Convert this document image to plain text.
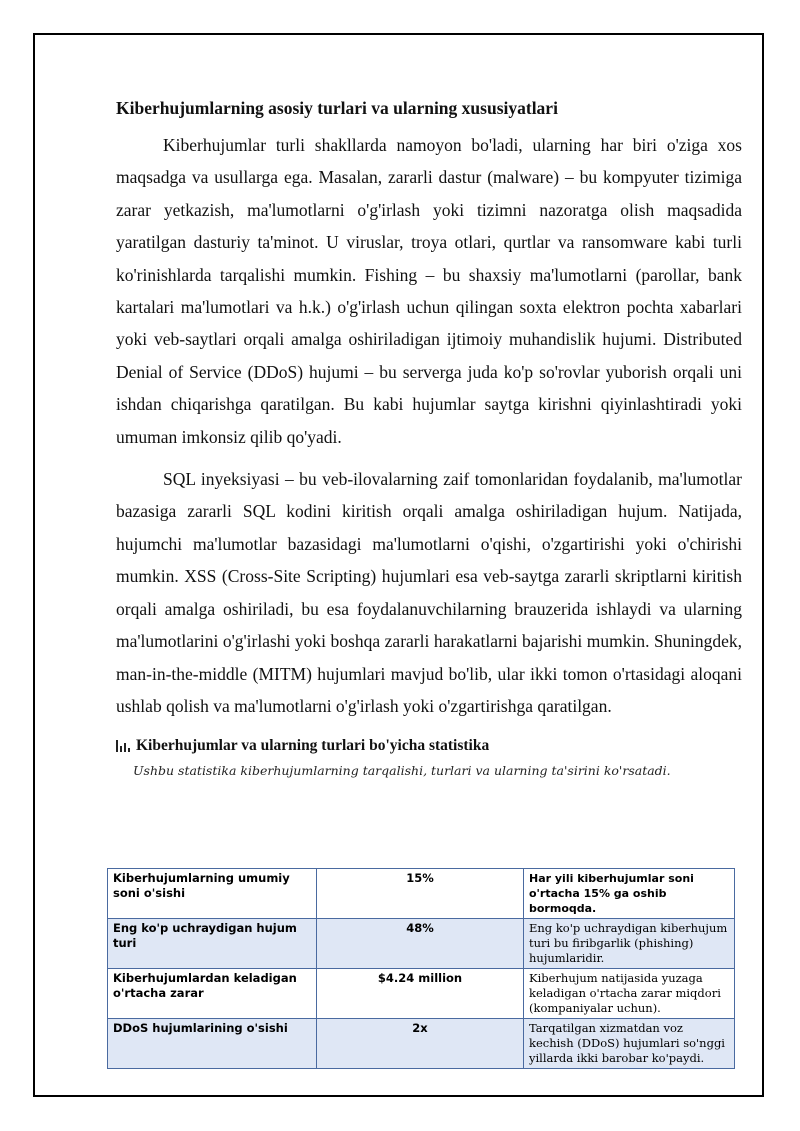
Kiberhujumlarning asosiy turlari va ularning xususiyatlari

Kiberhujumlar turli shakllarda namoyon bo'ladi, ularning har biri o'ziga xos maqsadga va usullarga ega. Masalan, zararli dastur (malware) – bu kompyuter tizimiga zarar yetkazish, ma'lumotlarni o'g'irlash yoki tizimni nazoratga olish maqsadida yaratilgan dasturiy ta'minot. U viruslar, troya otlari, qurtlar va ransomware kabi turli ko'rinishlarda tarqalishi mumkin. Fishing – bu shaxsiy ma'lumotlarni (parollar, bank kartalari ma'lumotlari va h.k.) o'g'irlash uchun qilingan soxta elektron pochta xabarlari yoki veb-saytlari orqali amalga oshiriladigan ijtimoiy muhandislik hujumi. Distributed Denial of Service (DDoS) hujumi – bu serverga juda ko'p so'rovlar yuborish orqali uni ishdan chiqarishga qaratilgan. Bu kabi hujumlar saytga kirishni qiyinlashtiradi yoki umuman imkonsiz qilib qo'yadi.

SQL inyeksiyasi – bu veb-ilovalarning zaif tomonlaridan foydalanib, ma'lumotlar bazasiga zararli SQL kodini kiritish orqali amalga oshiriladigan hujum. Natijada, hujumchi ma'lumotlar bazasidagi ma'lumotlarni o'qishi, o'zgartirishi yoki o'chirishi mumkin. XSS (Cross-Site Scripting) hujumlari esa veb-saytga zararli skriptlarni kiritish orqali amalga oshiriladi, bu esa foydalanuvchilarning brauzerida ishlaydi va ularning ma'lumotlarini o'g'irlashi yoki boshqa zararli harakatlarni bajarishi mumkin. Shuningdek, man-in-the-middle (MITM) hujumlari mavjud bo'lib, ular ikki tomon o'rtasidagi aloqani ushlab qolish va ma'lumotlarni o'g'irlash yoki o'zgartirishga qaratilgan.

Kiberhujumlar va ularning turlari bo'yicha statistika
Ushbu statistika kiberhujumlarning tarqalishi, turlari va ularning ta'sirini ko'rsatadi.
Kiberhujumlarning umumiy soni o'sishi	15%	Har yili kiberhujumlar soni o'rtacha 15% ga oshib bormoqda.
Eng ko'p uchraydigan hujum turi	48%	Eng ko'p uchraydigan kiberhujum turi bu firibgarlik (phishing) hujumlaridir.
Kiberhujumlardan keladigan o'rtacha zarar	$4.24 million	Kiberhujum natijasida yuzaga keladigan o'rtacha zarar miqdori (kompaniyalar uchun).
DDoS hujumlarining o'sishi	2x	Tarqatilgan xizmatdan voz kechish (DDoS) hujumlari so'nggi yillarda ikki barobar ko'paydi.
